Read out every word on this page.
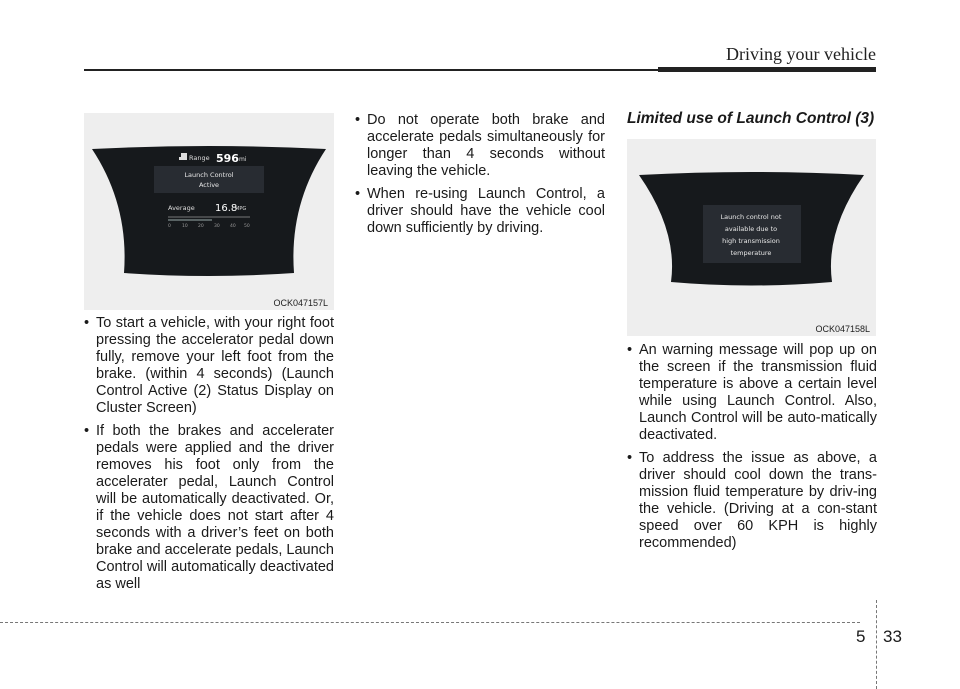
Driving your vehicle
Range 596 mi
Launch Control
Active
Average 16.8
MPG
0 10 20 30 40 50
OCK047157L

• To start a vehicle, with your right foot pressing the accelerator pedal down fully, remove your left foot from the brake. (within 4 seconds) (Launch Control Active (2) Status Display on Cluster Screen)

• If both the brakes and accelerater pedals were applied and the driver removes his foot only from the accelerater pedal, Launch Control will be automatically deactivated. Or, if the vehicle does not start after 4 seconds with a driver’s feet on both brake and accelerate pedals, Launch Control will automatically deactivated as well

• Do not operate both brake and accelerate pedals simultaneously for longer than 4 seconds without leaving the vehicle.

• When re-using Launch Control, a driver should have the vehicle cool down sufficiently by driving.

Limited use of Launch Control (3)
Launch control not
available due to
high transmission
temperature
OCK047158L

• An warning message will pop up on the screen if the transmission fluid temperature is above a certain level while using Launch Control. Also, Launch Control will be auto-matically deactivated.

• To address the issue as above, a driver should cool down the trans-mission fluid temperature by driv-ing the vehicle. (Driving at a con-stant speed over 60 KPH is highly recommended)

5 33
